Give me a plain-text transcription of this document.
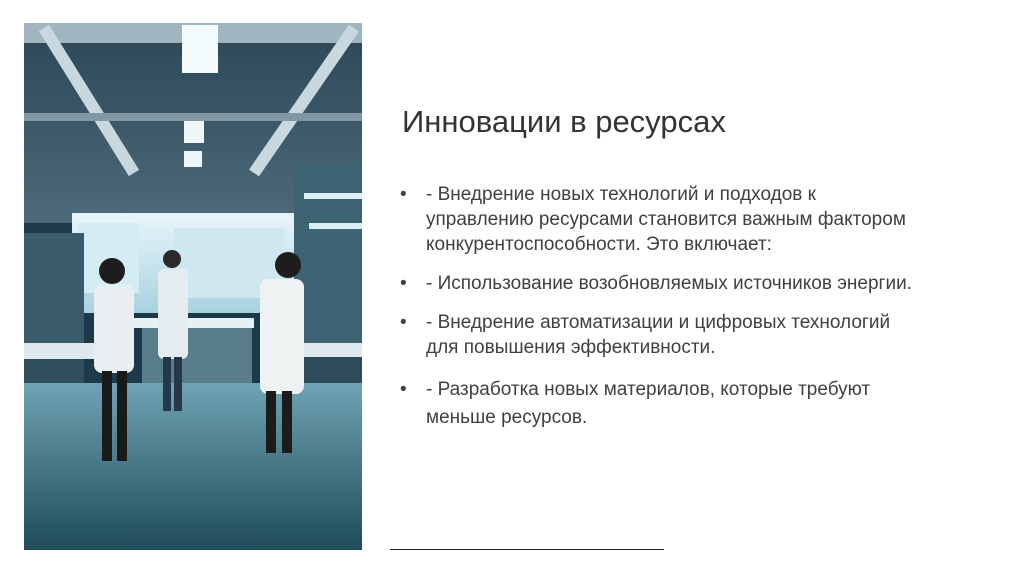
Инновации в ресурсах
•	- Внедрение новых технологий и подходов к управлению ресурсами становится важным фактором конкурентоспособности. Это включает:
•	- Использование возобновляемых источников энергии.
•	- Внедрение автоматизации и цифровых технологий для повышения эффективности.
•	- Разработка новых материалов, которые требуют меньше ресурсов.
